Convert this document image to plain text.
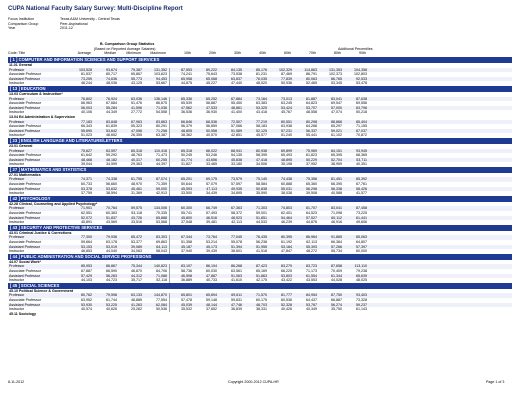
CUPA National Faculty Salary Survey: Multi-Discipline Report
Focus Institution	Texas A&M University - Central Texas
Comparison Group	Peer-Aspirational
Year	2011-12
Code: Title
B. Comparison Group Statistics
(Based on Reported Average Salaries)	Additional Percentiles
Average	Median	Minimum	Maximum	10th	20th	30th	40th	60th	70th	80th	90th
[ 1 ] COMPUTER AND INFORMATION SCIENCES AND SUPPORT SERVICES
11.01 General
Professor	103,528	93,674	79,387	131,352	87,553	89,222	84,135	85,176	102,329	114,863	131,353	104,358
Associate Professor	81,537	80,717	65,867	103,623	74,241	75,643	73,538	81,231	87,469	86,791	102,373	102,803
Assistant Professor	73,259	74,636	55,773	94,453	65,958	65,068	63,837	76,035	77,839	80,063	86,765	92,533
Instructor	48,244	48,036	43,125	53,667	44,875	45,227	47,440	48,520	50,936	52,465	53,345	53,478
[ 13 ] EDUCATION
13.03 Curriculum & Instruction*
Professor	76,802	76,924	63,036	136,146	65,336	65,252	67,884	73,164	73,013	81,887	83,041	87,638
Associate Professor	66,963	67,684	51,476	86,675	55,539	56,887	55,450	63,383	63,245	64,823	69,547	69,556
Assistant Professor	56,003	55,284	41,596	71,036	47,562	47,533	48,861	53,325	53,424	53,707	57,000	63,796
Instructor	40,106	44,349	27,772	54,558	36,536	36,930	41,400	43,418	45,767	48,558	47,074	50,218
13.04 Ed Administration & Supervision
Professor	77,183	83,848	67,963	83,863	66,846	68,536	72,507	77,219	80,551	80,298	88,866	85,404
Associate Professor	66,343	61,839	55,323	80,291	56,379	56,859	57,066	58,183	63,938	64,268	65,297	71,155
Assistant Professor	55,690	53,642	47,056	71,258	48,805	50,558	51,589	52,125	57,231	56,337	59,021	67,037
Instructor*	51,023	48,652	26,355	63,387	38,362	40,570	42,851	45,577	51,240	55,441	61,102	70,872
[ 23 ] ENGLISH LANGUAGE AND LITERATURE/LETTERS
23.01 General
Professor	75,627	63,597	65,318	110,416	65,318	66,022	68,941	80,938	69,899	75,969	84,151	93,945
Associate Professor	61,642	59,292	48,763	71,473	50,245	53,246	54,135	58,395	65,493	61,823	65,395	68,365
Assistant Professor	48,468	48,182	40,317	60,255	41,774	43,656	45,838	47,418	48,895	50,229	52,704	53,711
Instructor	39,044	34,599	29,363	44,397	31,827	33,465	33,180	34,506	35,198	37,952	38,959	40,351
[ 27 ] MATHEMATICS AND STATISTICS
27.01 Mathematics
Professor	74,371	74,338	61,755	87,074	65,201	69,175	73,579	75,140	74,438	75,356	81,451	85,392
Associate Professor	60,733	56,660	48,970	71,359	50,644	57,079	57,597	58,584	60,888	65,360	66,395	67,761
Assistant Professor	53,378	53,632	45,461	59,000	45,593	47,113	49,935	50,838	55,031	56,298	56,338	58,426
Instructor	37,759	38,594	31,369	42,913	33,500	34,439	34,895	35,590	38,038	39,508	40,588	41,577
[ 42 ] PSYCHOLOGY
42.28 Clinical, Counseling and Applied Psychology*
Professor	71,901	70,764	59,575	134,006	60,300	66,749	67,363	71,303	74,803	81,707	83,041	87,458
Associate Professor	62,551	60,363	53,118	70,335	55,741	57,493	58,372	59,001	62,401	64,523	71,098	73,225
Assistant Professor	52,072	51,837	43,726	65,888	45,800	46,516	48,523	51,851	54,464	57,527	60,112	61,441
Instructor	45,891	43,569	33,516	53,568	37,548	39,481	42,113	44,533	46,239	44,876	46,916	49,606
[ 43 ] SECURITY AND PROTECTIVE SERVICES
43.01 Criminal Justice & Corrections
Professor	77,300	79,936	65,472	83,303	67,344	73,764	77,045	76,435	80,395	86,964	91,865	85,063
Associate Professor	59,664	63,178	53,377	69,863	51,358	53,214	55,078	56,238	61,192	62,113	66,384	64,807
Assistant Professor	53,153	53,019	39,089	64,113	45,187	45,173	51,394	51,955	53,184	55,393	57,266	57,397
Instructor	46,853	44,040	34,063	58,043	37,940	39,439	38,601	41,518	47,847	48,272	55,734	60,000
[ 44 ] PUBLIC ADMINISTRATION AND SOCIAL SERVICE PROFESSIONS
44.07 Social Work*
Professor	85,953	86,867	75,344	140,823	83,197	86,104	86,268	87,423	83,279	83,723	87,658	113,110
Associate Professor	67,887	66,590	46,870	84,706	58,736	60,030	63,561	65,169	66,225	71,173	70,409	79,238
Assistant Professor	57,429	56,263	44,312	71,088	46,598	47,887	51,063	51,863	53,803	61,554	61,344	65,639
Instructor	44,103	44,723	35,717	52,118	36,889	40,733	41,610	42,175	43,422	43,553	44,028	48,025
[ 45 ] SOCIAL SCIENCES
45.10 Political Science & Government
Professor	80,762	79,598	63,133	144,870	65,801	65,694	69,611	71,570	81,777	84,954	87,750	93,403
Associate Professor	63,952	61,744	48,885	77,554	57,478	59,148	59,831	60,175	60,536	64,437	66,887	73,328
Assistant Professor	53,930	53,225	41,263	62,084	45,039	48,144	47,746	48,703	52,328	53,767	56,274	59,237
Instructor	40,574	40,626	25,262	50,536	35,532	37,652	36,839	38,331	40,426	40,349	35,750	61,143
45.11 Sociology
8-11-2012	Copyright 2000-2012 CUPA-HR	Page 1 of 3
